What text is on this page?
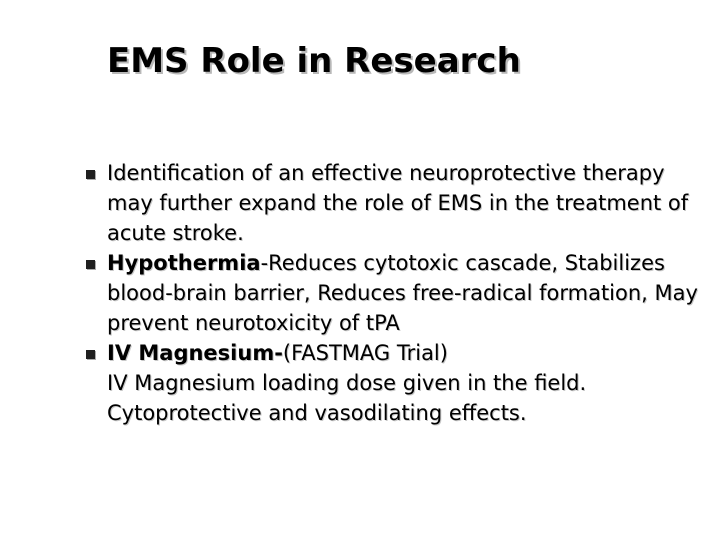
EMS Role in Research
Identification of an effective neuroprotective therapy may further expand the role of EMS in the treatment of acute stroke.
Hypothermia-Reduces cytotoxic cascade, Stabilizes blood-brain barrier, Reduces free-radical formation, May prevent neurotoxicity of tPA
IV Magnesium-(FASTMAG Trial)
IV Magnesium loading dose given in the field. Cytoprotective and vasodilating effects.
